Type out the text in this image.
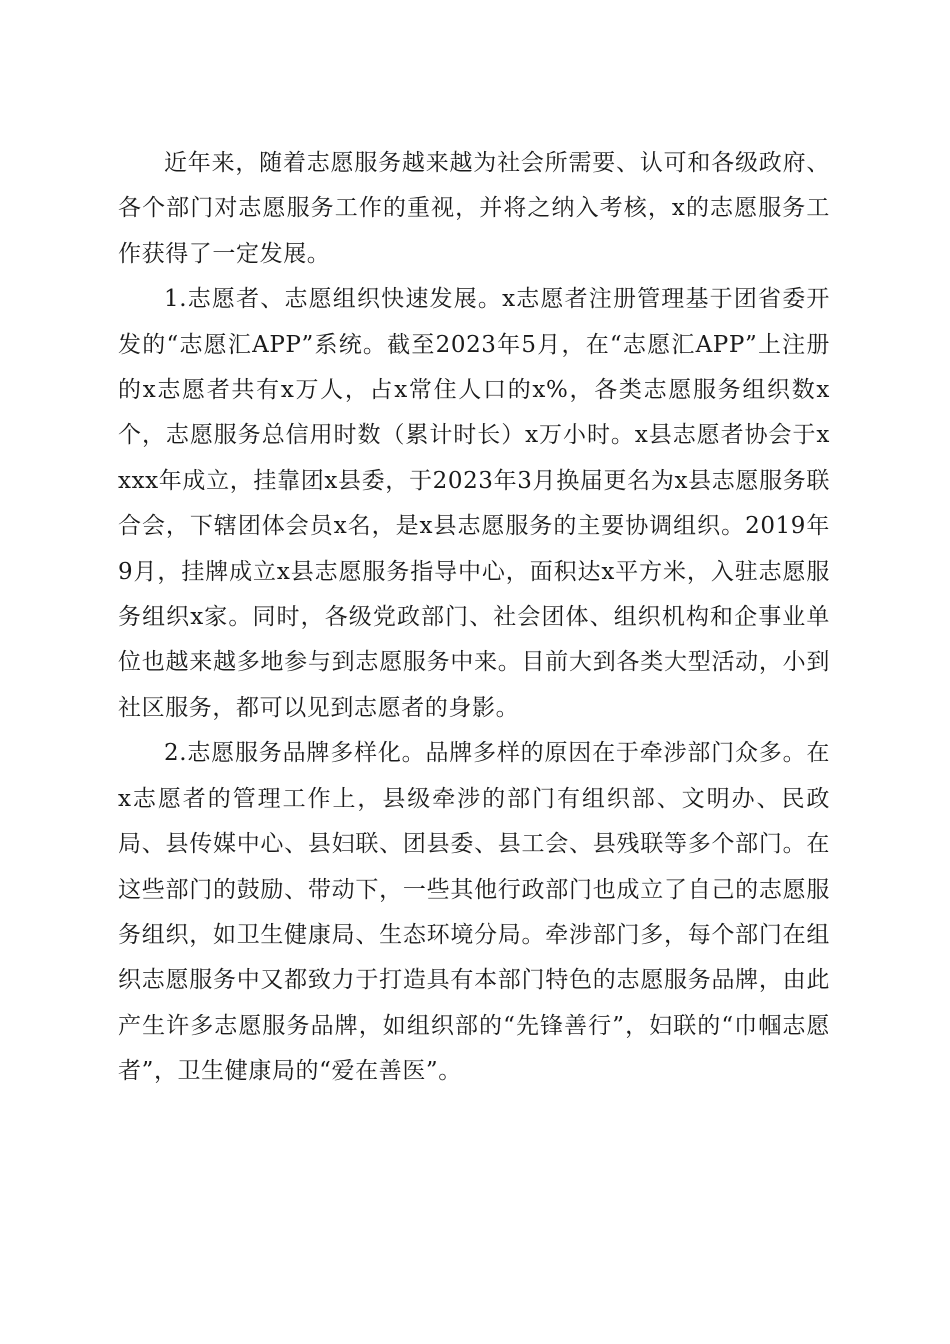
近年来，随着志愿服务越来越为社会所需要、认可和各级政府、各个部门对志愿服务工作的重视，并将之纳入考核，x的志愿服务工作获得了一定发展。

1.志愿者、志愿组织快速发展。x志愿者注册管理基于团省委开发的“志愿汇APP”系统。截至2023年5月，在“志愿汇APP”上注册的x志愿者共有x万人，占x常住人口的x%，各类志愿服务组织数x个，志愿服务总信用时数（累计时长）x万小时。x县志愿者协会于xxxx年成立，挂靠团x县委，于2023年3月换届更名为x县志愿服务联合会，下辖团体会员x名，是x县志愿服务的主要协调组织。2019年9月，挂牌成立x县志愿服务指导中心，面积达x平方米，入驻志愿服务组织x家。同时，各级党政部门、社会团体、组织机构和企事业单位也越来越多地参与到志愿服务中来。目前大到各类大型活动，小到社区服务，都可以见到志愿者的身影。

2.志愿服务品牌多样化。品牌多样的原因在于牵涉部门众多。在x志愿者的管理工作上，县级牵涉的部门有组织部、文明办、民政局、县传媒中心、县妇联、团县委、县工会、县残联等多个部门。在这些部门的鼓励、带动下，一些其他行政部门也成立了自己的志愿服务组织，如卫生健康局、生态环境分局。牵涉部门多，每个部门在组织志愿服务中又都致力于打造具有本部门特色的志愿服务品牌，由此产生许多志愿服务品牌，如组织部的“先锋善行”，妇联的“巾帼志愿者”，卫生健康局的“爱在善医”。
